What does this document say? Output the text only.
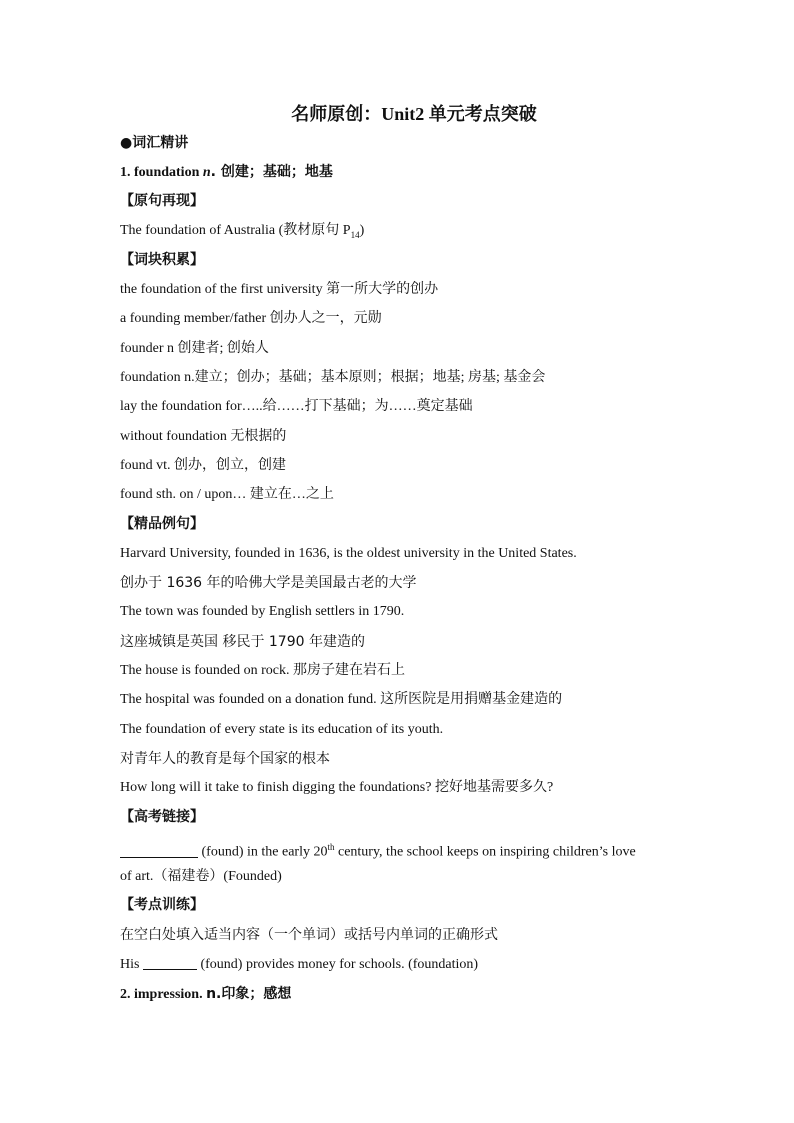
名师原创：Unit2 单元考点突破
●词汇精讲
1. foundation n. 创建；基础；地基
【原句再现】
The foundation of Australia (教材原句 $P_{14}$)
【词块积累】
the foundation of the first university 第一所大学的创办
a founding member/father 创办人之一，元勋
founder n 创建者; 创始人
foundation n.建立；创办；基础；基本原则；根据；地基; 房基; 基金会
lay the foundation for…..给……打下基础；为……奠定基础
without foundation 无根据的
found vt. 创办，创立，创建
found sth. on / upon… 建立在…之上
【精品例句】
Harvard University, founded in 1636, is the oldest university in the United States.
创办于 1636 年的哈佛大学是美国最古老的大学
The town was founded by English settlers in 1790.
这座城镇是英国 移民于 1790 年建造的
The house is founded on rock. 那房子建在岩石上
The hospital was founded on a donation fund. 这所医院是用捐赠基金建造的
The foundation of every state is its education of its youth.
对青年人的教育是每个国家的根本
How long will it take to finish digging the foundations? 挖好地基需要多久?
【高考链接】
(found) in the early 20th century, the school keeps on inspiring children’s love
of art.（福建卷）(Founded)
【考点训练】
在空白处填入适当内容（一个单词）或括号内单词的正确形式
His	(found) provides money for schools. (foundation)
2. impression. n.印象；感想
